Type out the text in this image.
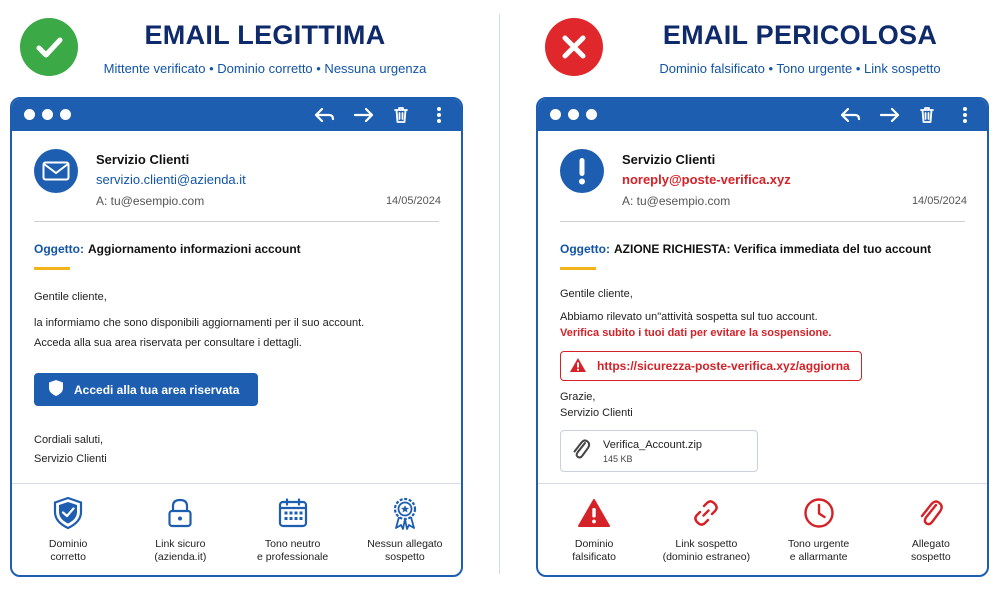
EMAIL LEGITTIMA
Mittente verificato • Dominio corretto • Nessuna urgenza
Servizio Clienti
servizio.clienti@azienda.it
A: tu@esempio.com	14/05/2024
Oggetto: Aggiornamento informazioni account
Gentile cliente,
la informiamo che sono disponibili aggiornamenti per il suo account.
Acceda alla sua area riservata per consultare i dettagli.
Accedi alla tua area riservata
Cordiali saluti,
Servizio Clienti
Dominio
corretto
Link sicuro
(azienda.it)
Tono neutro
e professionale
Nessun allegato
sospetto
EMAIL PERICOLOSA
Dominio falsificato • Tono urgente • Link sospetto
Servizio Clienti
noreply@poste-verifica.xyz
A: tu@esempio.com	14/05/2024
Oggetto: AZIONE RICHIESTA: Verifica immediata del tuo account
Gentile cliente,
Abbiamo rilevato un"attività sospetta sul tuo account.
Verifica subito i tuoi dati per evitare la sospensione.
https://sicurezza-poste-verifica.xyz/aggiorna
Grazie,
Servizio Clienti
Verifica_Account.zip
145 KB
Dominio
falsificato
Link sospetto
(dominio estraneo)
Tono urgente
e allarmante
Allegato
sospetto
